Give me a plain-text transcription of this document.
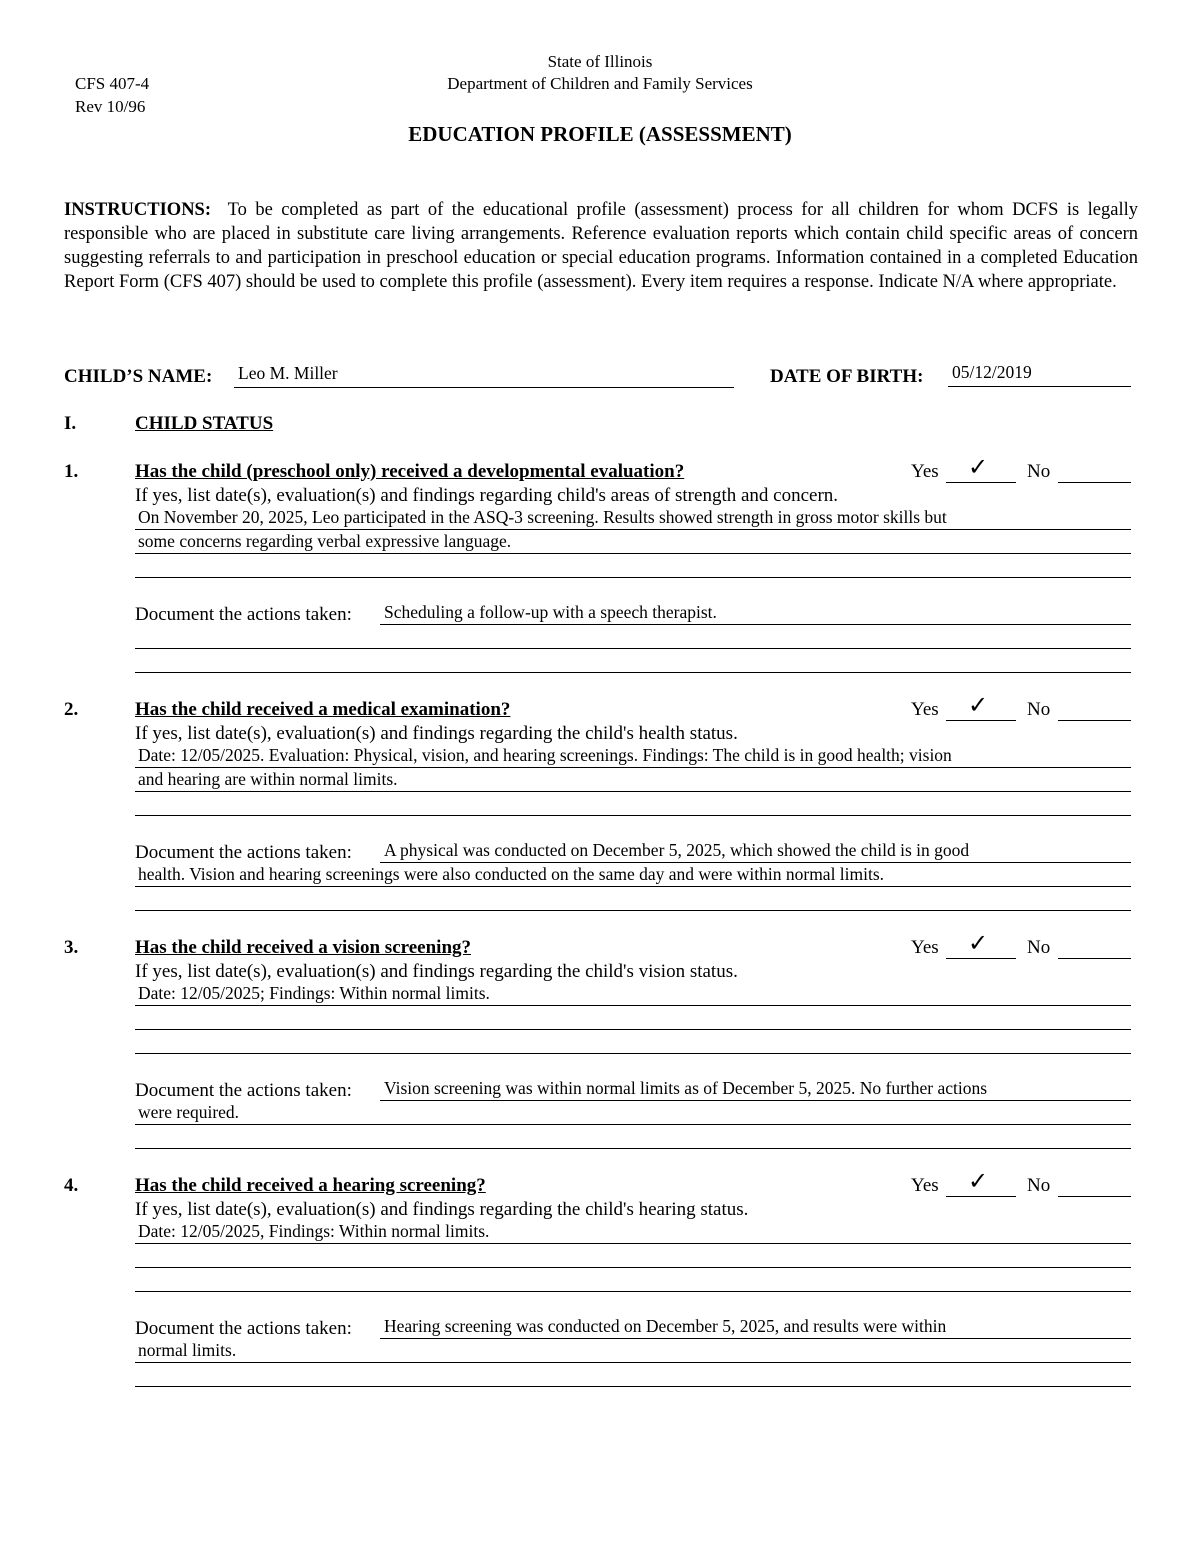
CFS 407-4
Rev 10/96
State of Illinois
Department of Children and Family Services
EDUCATION PROFILE (ASSESSMENT)
INSTRUCTIONS: To be completed as part of the educational profile (assessment) process for all children for whom DCFS is legally responsible who are placed in substitute care living arrangements. Reference evaluation reports which contain child specific areas of concern suggesting referrals to and participation in preschool education or special education programs. Information contained in a completed Education Report Form (CFS 407) should be used to complete this profile (assessment). Every item requires a response. Indicate N/A where appropriate.
CHILD’S NAME: Leo M. Miller	DATE OF BIRTH: 05/12/2019
I.	CHILD STATUS
1.	Has the child (preschool only) received a developmental evaluation?	Yes ✓ No
If yes, list date(s), evaluation(s) and findings regarding child's areas of strength and concern.
On November 20, 2025, Leo participated in the ASQ-3 screening. Results showed strength in gross motor skills but
some concerns regarding verbal expressive language.
Document the actions taken: Scheduling a follow-up with a speech therapist.
2.	Has the child received a medical examination?	Yes ✓ No
If yes, list date(s), evaluation(s) and findings regarding the child's health status.
Date: 12/05/2025. Evaluation: Physical, vision, and hearing screenings. Findings: The child is in good health; vision
and hearing are within normal limits.
Document the actions taken: A physical was conducted on December 5, 2025, which showed the child is in good
health. Vision and hearing screenings were also conducted on the same day and were within normal limits.
3.	Has the child received a vision screening?	Yes ✓ No
If yes, list date(s), evaluation(s) and findings regarding the child's vision status.
Date: 12/05/2025; Findings: Within normal limits.
Document the actions taken: Vision screening was within normal limits as of December 5, 2025. No further actions
were required.
4.	Has the child received a hearing screening?	Yes ✓ No
If yes, list date(s), evaluation(s) and findings regarding the child's hearing status.
Date: 12/05/2025, Findings: Within normal limits.
Document the actions taken: Hearing screening was conducted on December 5, 2025, and results were within
normal limits.
